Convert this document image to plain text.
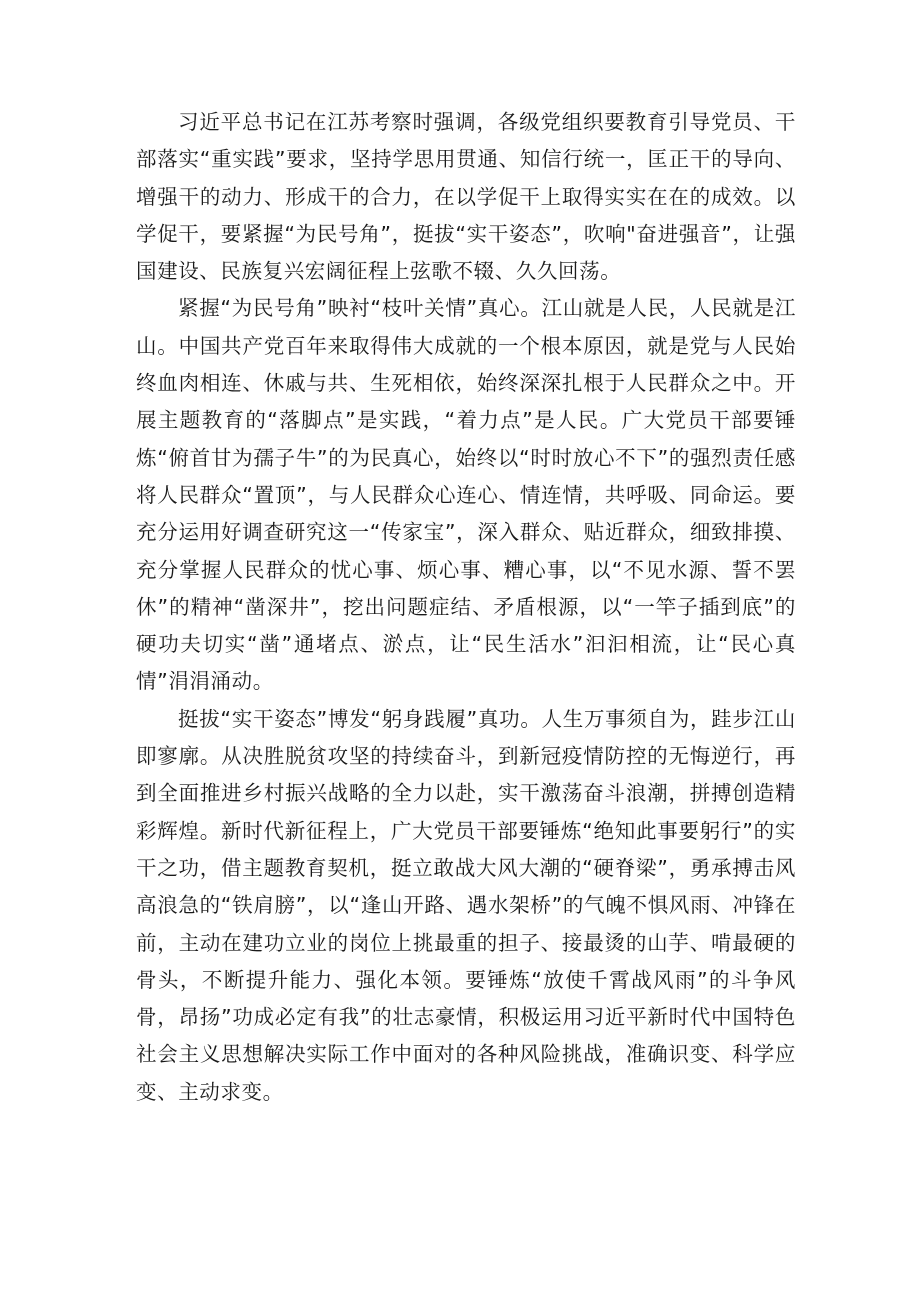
习近平总书记在江苏考察时强调，各级党组织要教育引导党员、干部落实“重实践”要求，坚持学思用贯通、知信行统一，匡正干的导向、增强干的动力、形成干的合力，在以学促干上取得实实在在的成效。以学促干，要紧握“为民号角”，挺拔“实干姿态”，吹响"奋进强音”，让强国建设、民族复兴宏阔征程上弦歌不辍、久久回荡。

紧握“为民号角”映衬“枝叶关情”真心。江山就是人民，人民就是江山。中国共产党百年来取得伟大成就的一个根本原因，就是党与人民始终血肉相连、休戚与共、生死相依，始终深深扎根于人民群众之中。开展主题教育的“落脚点”是实践，“着力点”是人民。广大党员干部要锤炼“俯首甘为孺子牛”的为民真心，始终以“时时放心不下”的强烈责任感将人民群众“置顶”，与人民群众心连心、情连情，共呼吸、同命运。要充分运用好调查研究这一“传家宝”，深入群众、贴近群众，细致排摸、充分掌握人民群众的忧心事、烦心事、糟心事，以“不见水源、誓不罢休”的精神“凿深井”，挖出问题症结、矛盾根源，以“一竿子插到底”的硬功夫切实“凿”通堵点、淤点，让“民生活水”汩汩相流，让“民心真情”涓涓涌动。

挺拔“实干姿态”博发“躬身践履”真功。人生万事须自为，跬步江山即寥廓。从决胜脱贫攻坚的持续奋斗，到新冠疫情防控的无悔逆行，再到全面推进乡村振兴战略的全力以赴，实干激荡奋斗浪潮，拼搏创造精彩辉煌。新时代新征程上，广大党员干部要锤炼“绝知此事要躬行”的实干之功，借主题教育契机，挺立敢战大风大潮的“硬脊梁”，勇承搏击风高浪急的“铁肩膀”，以“逢山开路、遇水架桥”的气魄不惧风雨、冲锋在前，主动在建功立业的岗位上挑最重的担子、接最烫的山芋、啃最硬的骨头，不断提升能力、强化本领。要锤炼“放使千霄战风雨”的斗争风骨，昂扬”功成必定有我”的壮志豪情，积极运用习近平新时代中国特色社会主义思想解决实际工作中面对的各种风险挑战，准确识变、科学应变、主动求变。
